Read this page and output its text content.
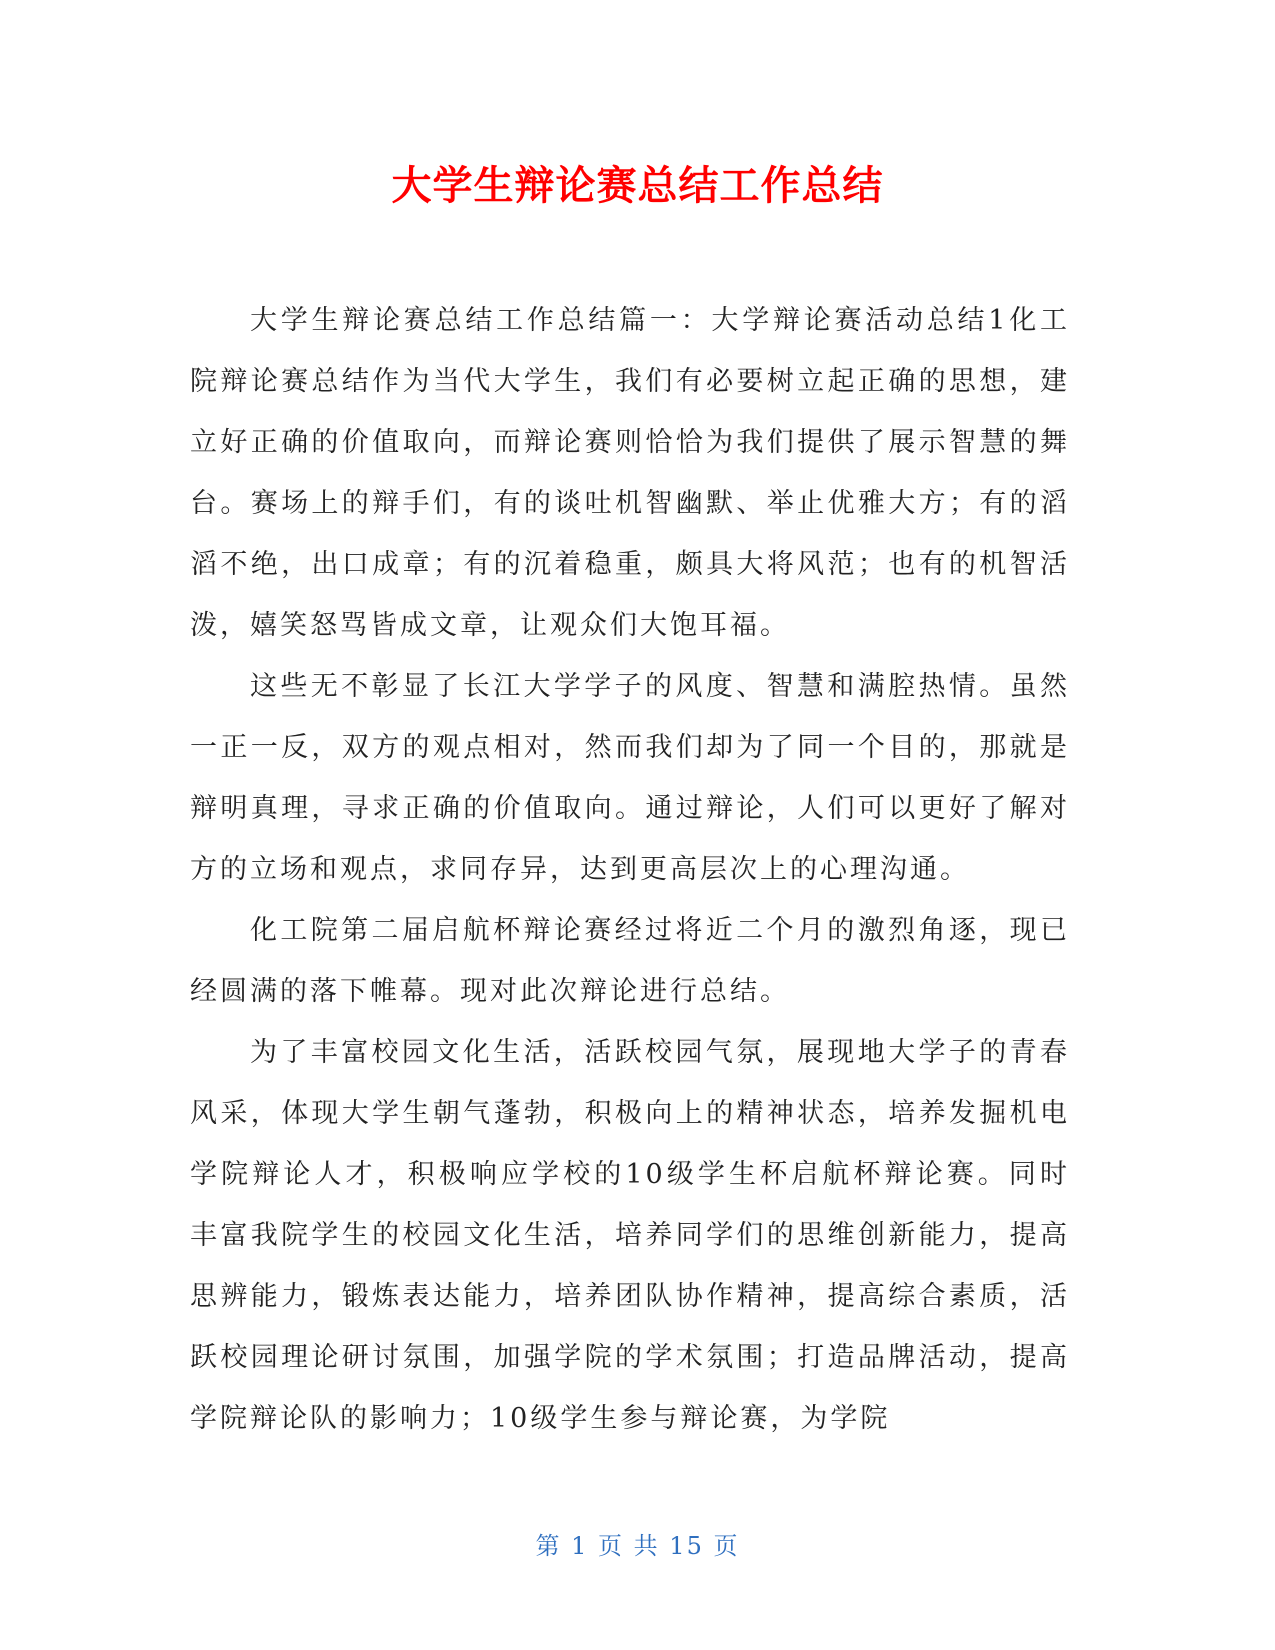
大学生辩论赛总结工作总结

大学生辩论赛总结工作总结篇一：大学辩论赛活动总结1化工院辩论赛总结作为当代大学生，我们有必要树立起正确的思想，建立好正确的价值取向，而辩论赛则恰恰为我们提供了展示智慧的舞台。赛场上的辩手们，有的谈吐机智幽默、举止优雅大方；有的滔滔不绝，出口成章；有的沉着稳重，颇具大将风范；也有的机智活泼，嬉笑怒骂皆成文章，让观众们大饱耳福。

这些无不彰显了长江大学学子的风度、智慧和满腔热情。虽然一正一反，双方的观点相对，然而我们却为了同一个目的，那就是辩明真理，寻求正确的价值取向。通过辩论，人们可以更好了解对方的立场和观点，求同存异，达到更高层次上的心理沟通。

化工院第二届启航杯辩论赛经过将近二个月的激烈角逐，现已经圆满的落下帷幕。现对此次辩论进行总结。

为了丰富校园文化生活，活跃校园气氛，展现地大学子的青春风采，体现大学生朝气蓬勃，积极向上的精神状态，培养发掘机电学院辩论人才，积极响应学校的10级学生杯启航杯辩论赛。同时丰富我院学生的校园文化生活，培养同学们的思维创新能力，提高思辨能力，锻炼表达能力，培养团队协作精神，提高综合素质，活跃校园理论研讨氛围，加强学院的学术氛围；打造品牌活动，提高学院辩论队的影响力；10级学生参与辩论赛，为学院

第 1 页 共 15 页
